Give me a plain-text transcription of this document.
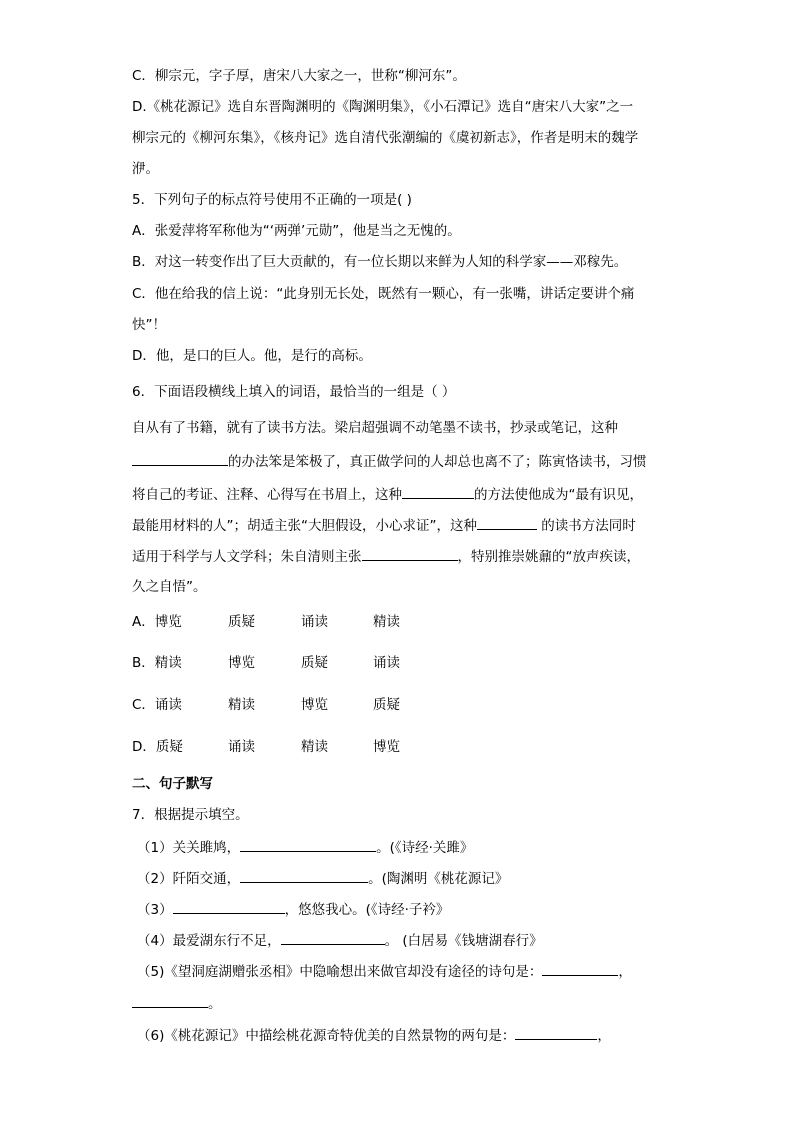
C．柳宗元，字子厚，唐宋八大家之一，世称“柳河东”。
D.《桃花源记》选自东晋陶渊明的《陶渊明集》，《小石潭记》选自“唐宋八大家”之一
柳宗元的《柳河东集》，《核舟记》选自清代张潮编的《虞初新志》，作者是明末的魏学
洢。
5．下列句子的标点符号使用不正确的一项是( )
A．张爱萍将军称他为“‘两弹’元勋”，他是当之无愧的。
B．对这一转变作出了巨大贡献的，有一位长期以来鲜为人知的科学家——邓稼先。
C．他在给我的信上说：“此身别无长处，既然有一颗心，有一张嘴，讲话定要讲个痛
快”！
D．他，是口的巨人。他，是行的高标。
6．下面语段横线上填入的词语，最恰当的一组是（ ）
自从有了书籍，就有了读书方法。梁启超强调不动笔墨不读书，抄录或笔记，这种
的办法笨是笨极了，真正做学问的人却总也离不了；陈寅恪读书，习惯
将自己的考证、注释、心得写在书眉上，这种	的方法使他成为“最有识见，
最能用材料的人”；胡适主张“大胆假设，小心求证”，这种	的读书方法同时
适用于科学与人文学科；朱自清则主张	，特别推崇姚鼐的“放声疾读，
久之自悟”。
A．博览	质疑	诵读	精读
B．精读	博览	质疑	诵读
C．诵读	精读	博览	质疑
D．质疑	诵读	精读	博览
二、句子默写
7．根据提示填空。
（1）关关雎鸠，	。(《诗经·关雎》
（2）阡陌交通，	。(陶渊明《桃花源记》
（3）	，悠悠我心。(《诗经·子衿》
（4）最爱湖东行不足，	。 (白居易《钱塘湖春行》
（5)《望洞庭湖赠张丞相》中隐喻想出来做官却没有途径的诗句是：	，
。
（6)《桃花源记》中描绘桃花源奇特优美的自然景物的两句是：	，
